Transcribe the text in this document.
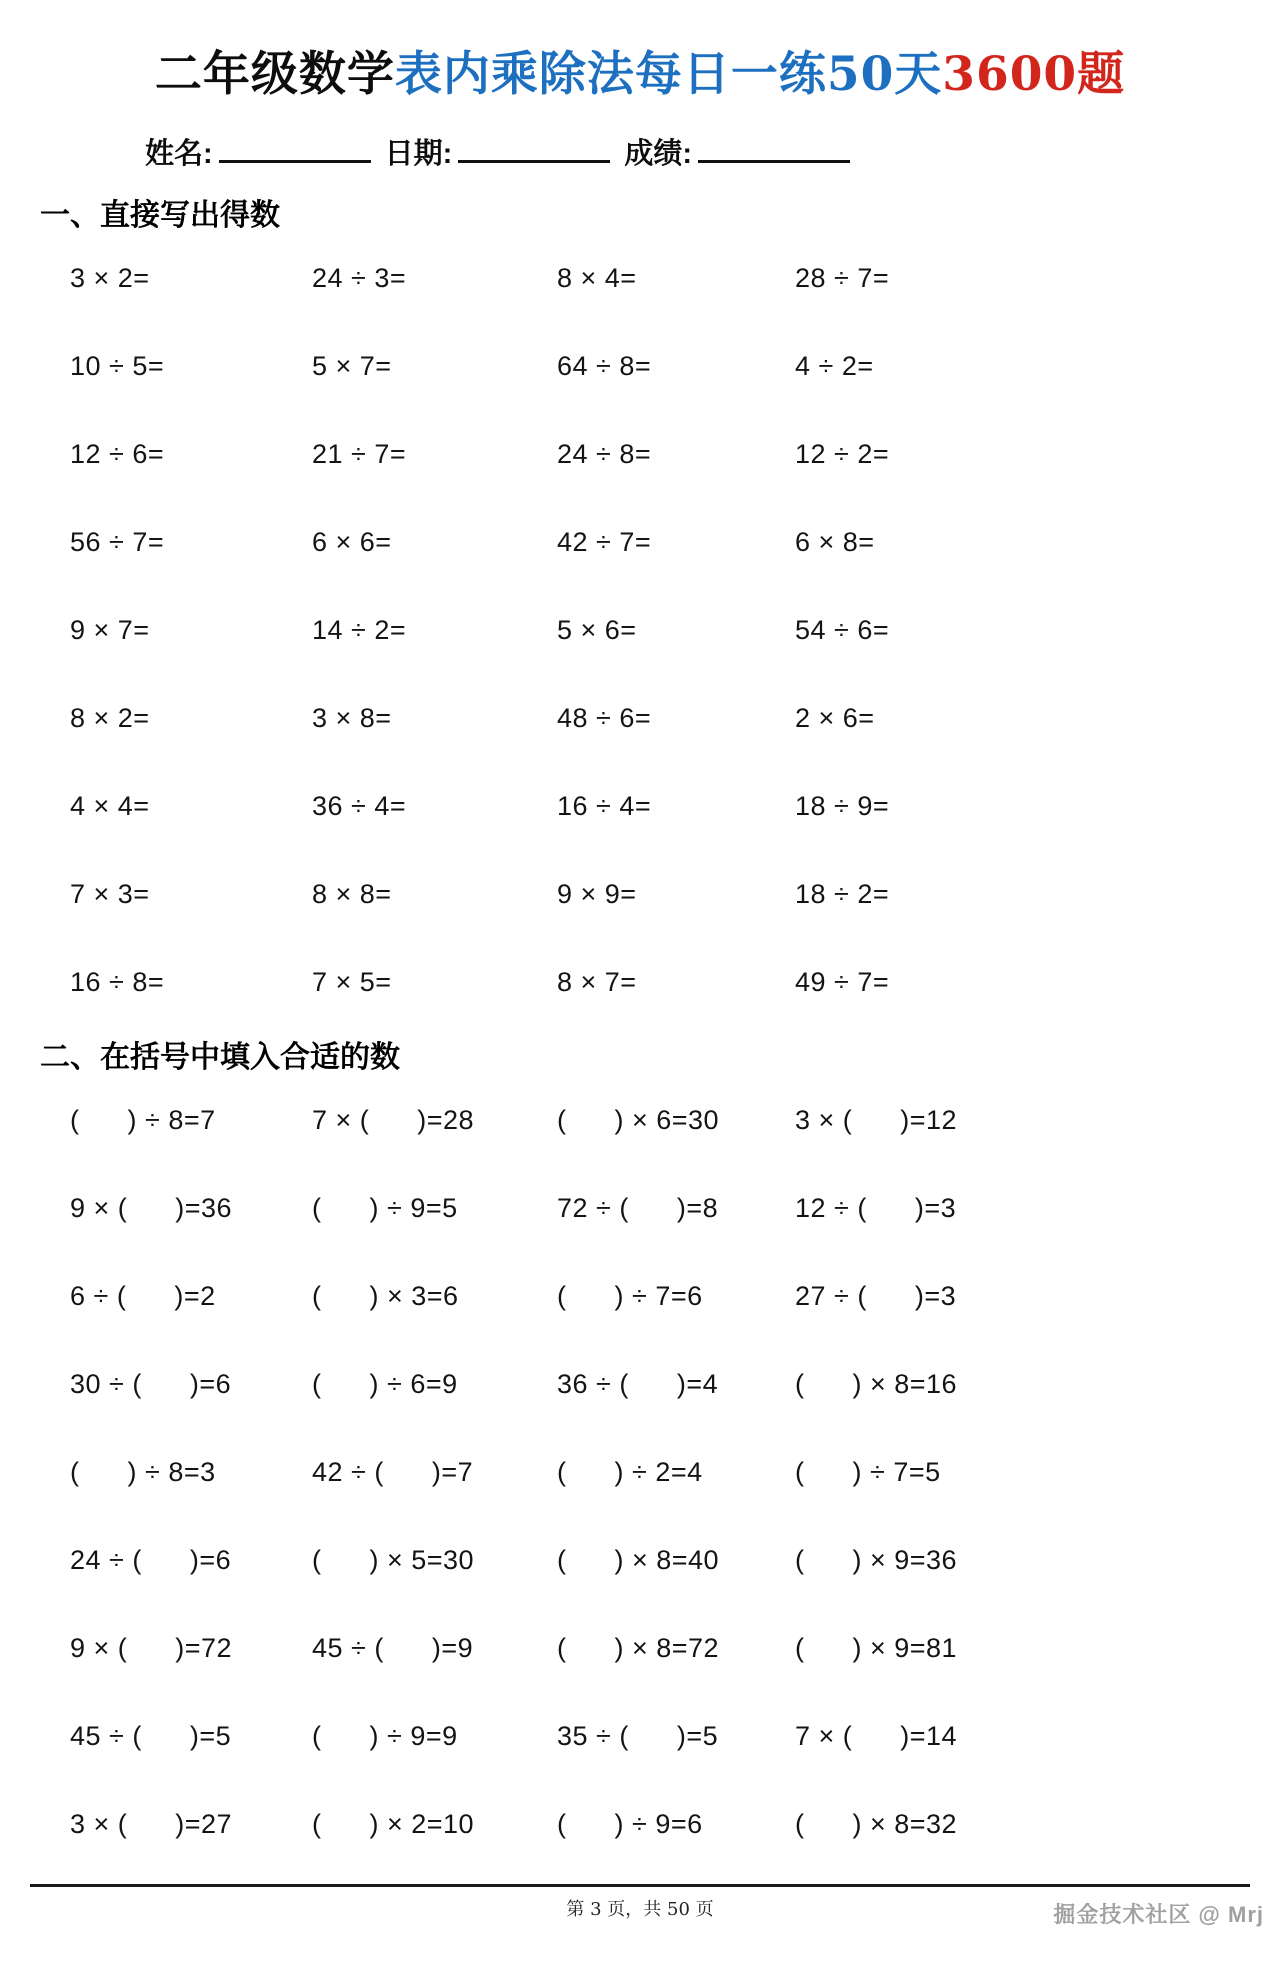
二年级数学表内乘除法每日一练50天3600题
姓名:	日期:	成绩:
一、直接写出得数
3 × 2=	24 ÷ 3=	8 × 4=	28 ÷ 7=
10 ÷ 5=	5 × 7=	64 ÷ 8=	4 ÷ 2=
12 ÷ 6=	21 ÷ 7=	24 ÷ 8=	12 ÷ 2=
56 ÷ 7=	6 × 6=	42 ÷ 7=	6 × 8=
9 × 7=	14 ÷ 2=	5 × 6=	54 ÷ 6=
8 × 2=	3 × 8=	48 ÷ 6=	2 × 6=
4 × 4=	36 ÷ 4=	16 ÷ 4=	18 ÷ 9=
7 × 3=	8 × 8=	9 × 9=	18 ÷ 2=
16 ÷ 8=	7 × 5=	8 × 7=	49 ÷ 7=
二、在括号中填入合适的数
(      ) ÷ 8=7	7 × (      )=28	(      ) × 6=30	3 × (      )=12
9 × (      )=36	(      ) ÷ 9=5	72 ÷ (      )=8	12 ÷ (      )=3
6 ÷ (      )=2	(      ) × 3=6	(      ) ÷ 7=6	27 ÷ (      )=3
30 ÷ (      )=6	(      ) ÷ 6=9	36 ÷ (      )=4	(      ) × 8=16
(      ) ÷ 8=3	42 ÷ (      )=7	(      ) ÷ 2=4	(      ) ÷ 7=5
24 ÷ (      )=6	(      ) × 5=30	(      ) × 8=40	(      ) × 9=36
9 × (      )=72	45 ÷ (      )=9	(      ) × 8=72	(      ) × 9=81
45 ÷ (      )=5	(      ) ÷ 9=9	35 ÷ (      )=5	7 × (      )=14
3 × (      )=27	(      ) × 2=10	(      ) ÷ 9=6	(      ) × 8=32
第 3 页，共 50 页	掘金技术社区 @ Mrj
